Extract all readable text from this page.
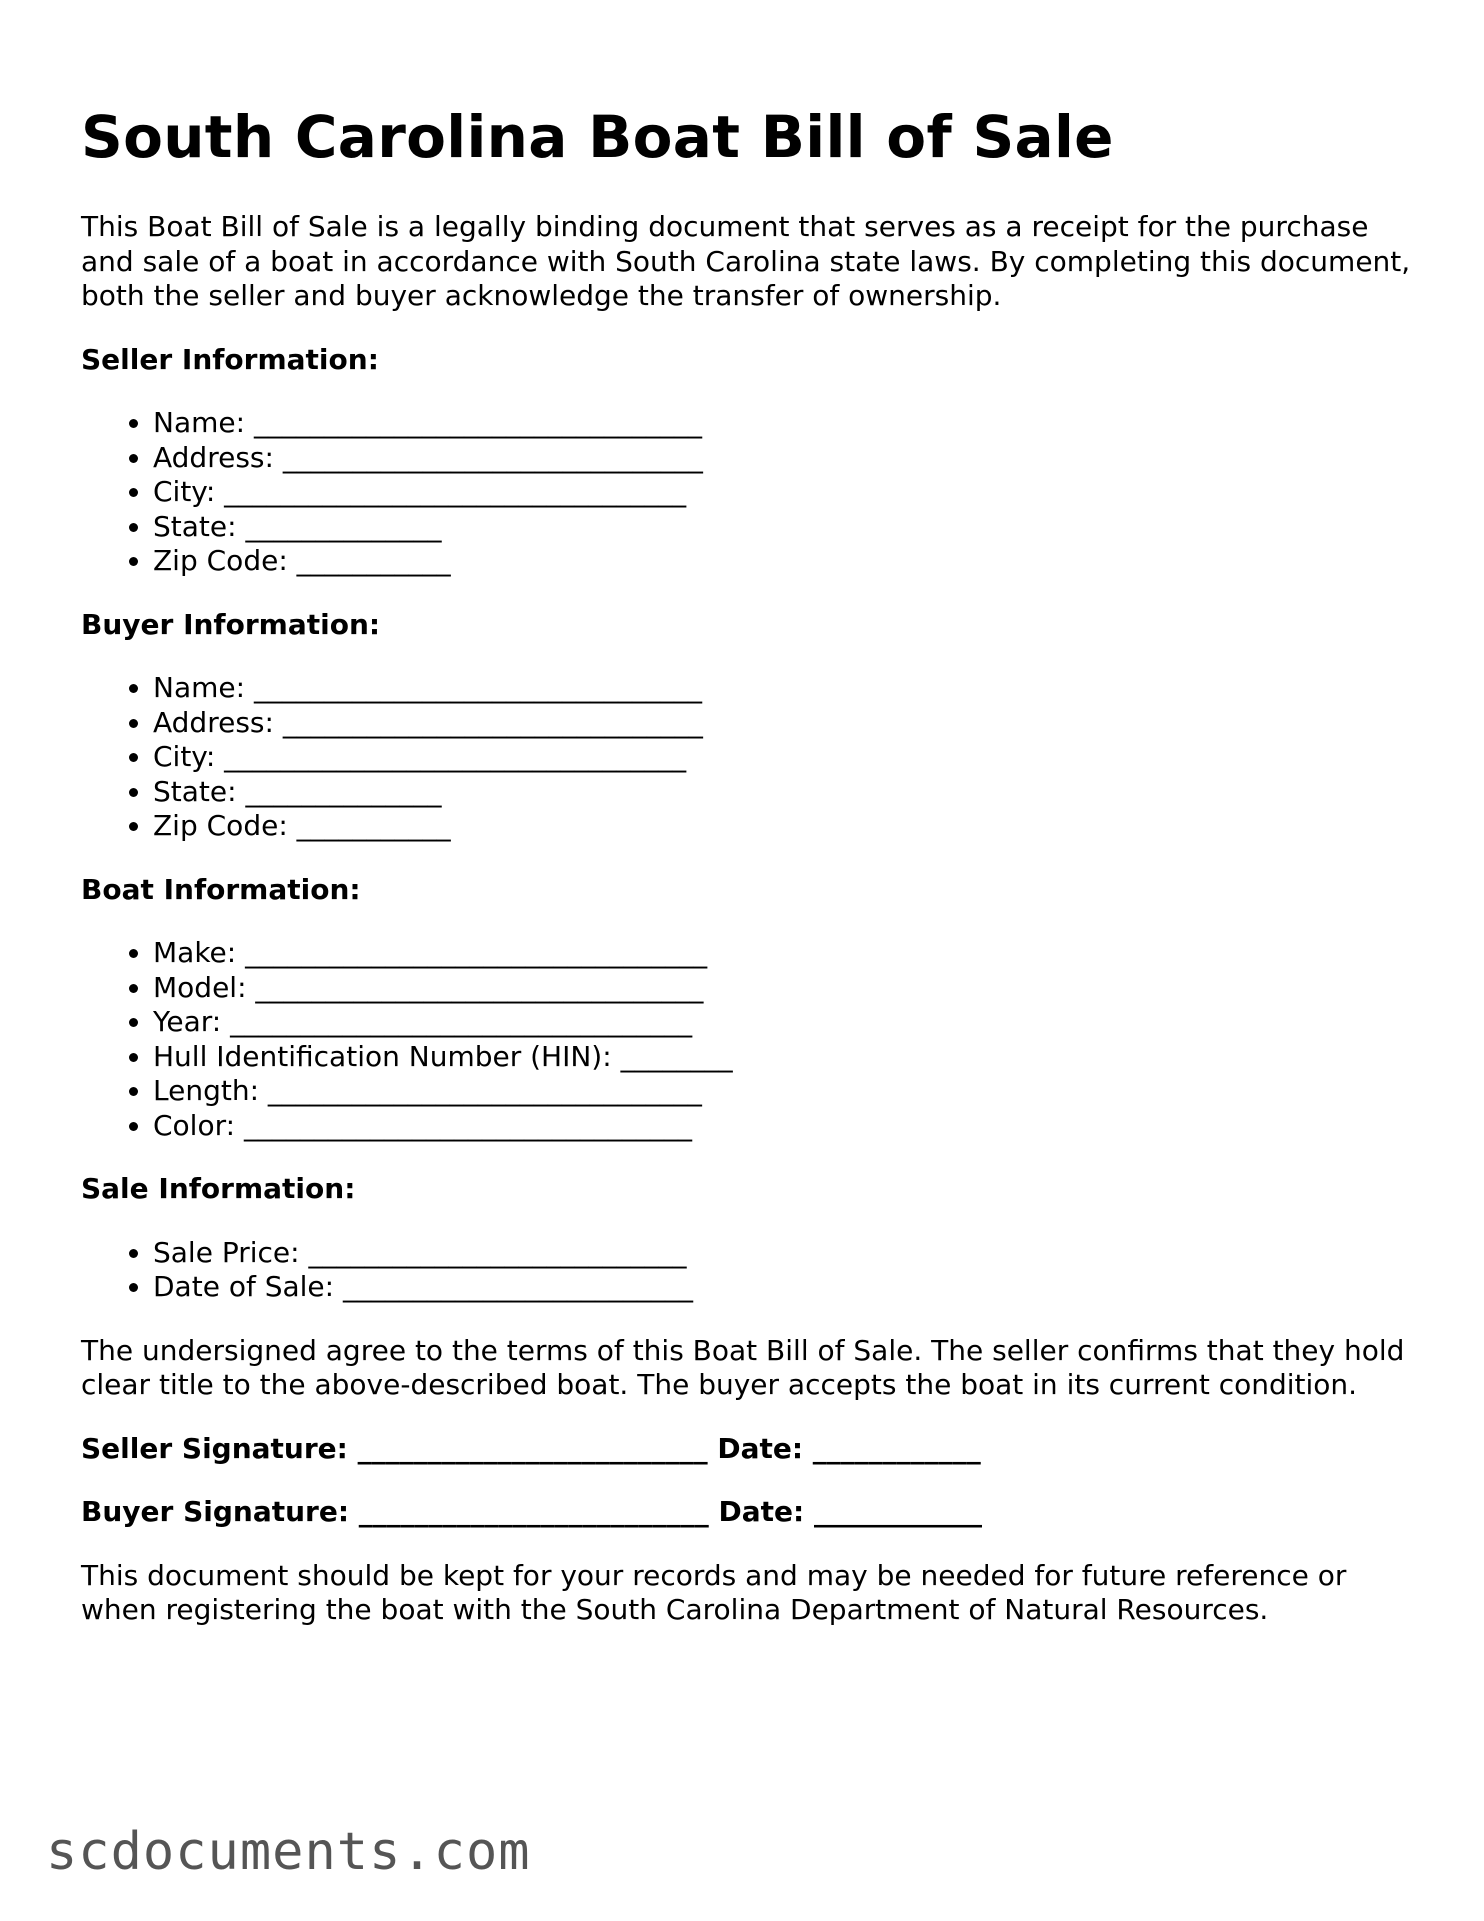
South Carolina Boat Bill of Sale

This Boat Bill of Sale is a legally binding document that serves as a receipt for the purchase and sale of a boat in accordance with South Carolina state laws. By completing this document, both the seller and buyer acknowledge the transfer of ownership.

Seller Information:
• Name: ________________________________
• Address: ______________________________
• City: _________________________________
• State: ______________
• Zip Code: ___________
Buyer Information:
• Name: ________________________________
• Address: ______________________________
• City: _________________________________
• State: ______________
• Zip Code: ___________
Boat Information:
• Make: _________________________________
• Model: ________________________________
• Year: _________________________________
• Hull Identification Number (HIN): ________
• Length: _______________________________
• Color: ________________________________
Sale Information:
• Sale Price: ___________________________
• Date of Sale: _________________________

The undersigned agree to the terms of this Boat Bill of Sale. The seller confirms that they hold clear title to the above-described boat. The buyer accepts the boat in its current condition.

Seller Signature: _________________________ Date: ____________
Buyer Signature: _________________________ Date: ____________

This document should be kept for your records and may be needed for future reference or when registering the boat with the South Carolina Department of Natural Resources.

scdocuments.com
